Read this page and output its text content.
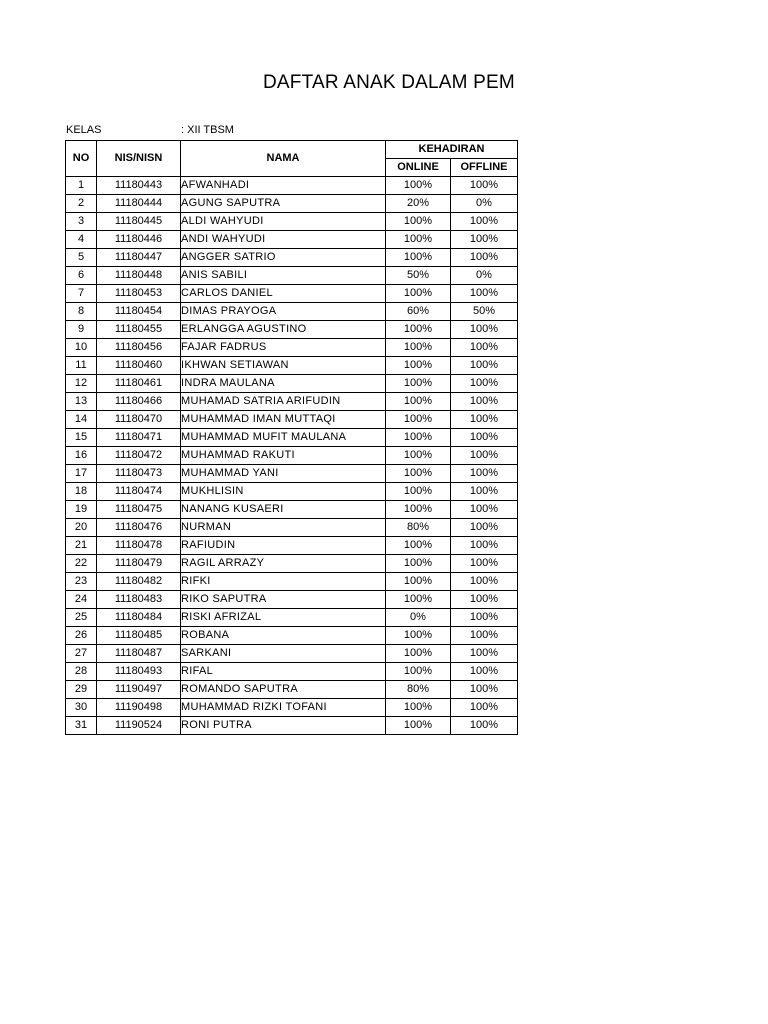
DAFTAR ANAK DALAM PEM
KELAS	: XII TBSM
NO	NIS/NISN	NAMA	KEHADIRAN	
			ONLINE	OFFLINE
1	11180443	AFWANHADI	100%	100%
2	11180444	AGUNG SAPUTRA	20%	0%
3	11180445	ALDI WAHYUDI	100%	100%
4	11180446	ANDI WAHYUDI	100%	100%
5	11180447	ANGGER SATRIO	100%	100%
6	11180448	ANIS SABILI	50%	0%
7	11180453	CARLOS DANIEL	100%	100%
8	11180454	DIMAS PRAYOGA	60%	50%
9	11180455	ERLANGGA AGUSTINO	100%	100%
10	11180456	FAJAR FADRUS	100%	100%
11	11180460	IKHWAN SETIAWAN	100%	100%
12	11180461	INDRA MAULANA	100%	100%
13	11180466	MUHAMAD SATRIA ARIFUDIN	100%	100%
14	11180470	MUHAMMAD IMAN MUTTAQI	100%	100%
15	11180471	MUHAMMAD MUFIT MAULANA	100%	100%
16	11180472	MUHAMMAD RAKUTI	100%	100%
17	11180473	MUHAMMAD YANI	100%	100%
18	11180474	MUKHLISIN	100%	100%
19	11180475	NANANG KUSAERI	100%	100%
20	11180476	NURMAN	80%	100%
21	11180478	RAFIUDIN	100%	100%
22	11180479	RAGIL ARRAZY	100%	100%
23	11180482	RIFKI	100%	100%
24	11180483	RIKO SAPUTRA	100%	100%
25	11180484	RISKI AFRIZAL	0%	100%
26	11180485	ROBANA	100%	100%
27	11180487	SARKANI	100%	100%
28	11180493	RIFAL	100%	100%
29	11190497	ROMANDO SAPUTRA	80%	100%
30	11190498	MUHAMMAD RIZKI TOFANI	100%	100%
31	11190524	RONI PUTRA	100%	100%
